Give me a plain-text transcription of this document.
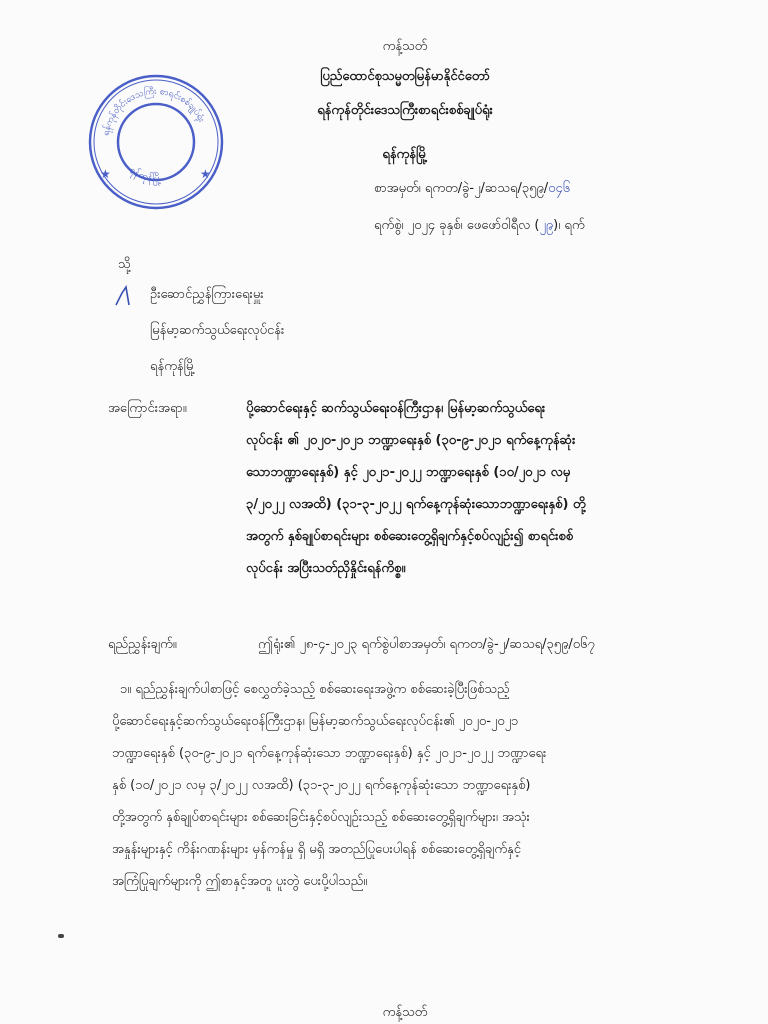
ကန့်သတ်
ပြည်ထောင်စုသမ္မတမြန်မာနိုင်ငံတော်
ရန်ကုန်တိုင်းဒေသကြီးစာရင်းစစ်ချုပ်ရုံး
ရန်ကုန်မြို့
ရန်ကုန်တိုင်းဒေသကြီး စာရင်းစစ်ချုပ်ရုံး
ရန်ကုန်မြို့
★	★
စာအမှတ်၊ ရကတ/ခွဲ-၂/ဆသရ/၃၅၉/၀၄၆
ရက်စွဲ၊ ၂၀၂၄ ခုနှစ်၊ ဖေဖော်ဝါရီလ (၂၉)၊ ရက်
သို့
ဦးဆောင်ညွှန်ကြားရေးမှူး
မြန်မာ့ဆက်သွယ်ရေးလုပ်ငန်း
ရန်ကုန်မြို့
အကြောင်းအရာ။	ပို့ဆောင်ရေးနှင့် ဆက်သွယ်ရေးဝန်ကြီးဌာန၊ မြန်မာ့ဆက်သွယ်ရေး
လုပ်ငန်း ၏ ၂၀၂၀-၂၀၂၁ ဘဏ္ဍာရေးနှစ် (၃၀-၉-၂၀၂၁ ရက်နေ့ကုန်ဆုံး
သောဘဏ္ဍာရေးနှစ်) နှင့် ၂၀၂၁-၂၀၂၂ ဘဏ္ဍာရေးနှစ် (၁၀/၂၀၂၁ လမှ
၃/၂၀၂၂ လအထိ) (၃၁-၃-၂၀၂၂ ရက်နေ့ကုန်ဆုံးသောဘဏ္ဍာရေးနှစ်) တို့
အတွက် နှစ်ချုပ်စာရင်းများ စစ်ဆေးတွေ့ရှိချက်နှင့်စပ်လျဉ်း၍ စာရင်းစစ်
လုပ်ငန်း အပြီးသတ်ညှိနှိုင်းရန်ကိစ္စ။
ရည်ညွှန်းချက်။	ဤရုံး၏ ၂၈-၄-၂၀၂၃ ရက်စွဲပါစာအမှတ်၊ ရကတ/ခွဲ-၂/ဆသရ/၃၅၉/၀၆၇
၁။ ရည်ညွှန်းချက်ပါစာဖြင့် စေလွှတ်ခဲ့သည့် စစ်ဆေးရေးအဖွဲ့က စစ်ဆေးခဲ့ပြီးဖြစ်သည့်
ပို့ဆောင်ရေးနှင့်ဆက်သွယ်ရေးဝန်ကြီးဌာန၊ မြန်မာ့ဆက်သွယ်ရေးလုပ်ငန်း၏ ၂၀၂၀-၂၀၂၁
ဘဏ္ဍာရေးနှစ် (၃၀-၉-၂၀၂၁ ရက်နေ့ကုန်ဆုံးသော ဘဏ္ဍာရေးနှစ်) နှင့် ၂၀၂၁-၂၀၂၂ ဘဏ္ဍာရေး
နှစ် (၁၀/၂၀၂၁ လမှ ၃/၂၀၂၂ လအထိ) (၃၁-၃-၂၀၂၂ ရက်နေ့ကုန်ဆုံးသော ဘဏ္ဍာရေးနှစ်)
တို့အတွက် နှစ်ချုပ်စာရင်းများ စစ်ဆေးခြင်းနှင့်စပ်လျဉ်းသည့် စစ်ဆေးတွေ့ရှိချက်များ၊ အသုံး
အနှုန်းများနှင့် ကိန်းဂဏန်းများ မှန်ကန်မှု ရှိ မရှိ အတည်ပြုပေးပါရန် စစ်ဆေးတွေ့ရှိချက်နှင့်
အကြံပြုချက်များကို ဤစာနှင့်အတူ ပူးတွဲ ပေးပို့ပါသည်။
ကန့်သတ်
